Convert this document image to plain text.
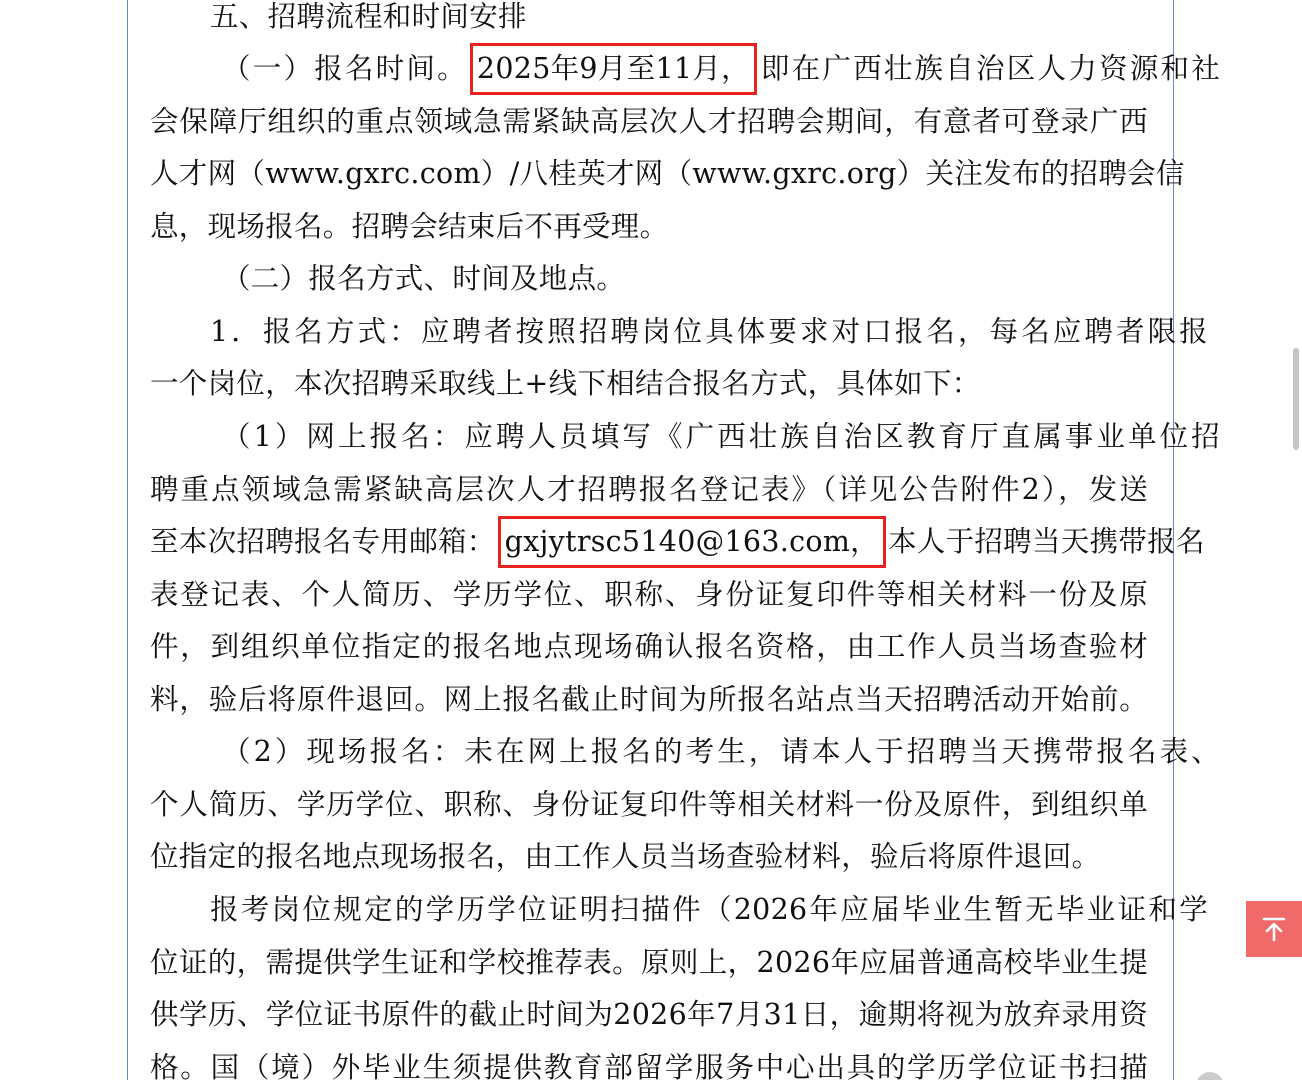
五、招聘流程和时间安排
（一）报名时间。 2025年9月至11月， 即在广西壮族自治区人力资源和社
会保障厅组织的重点领域急需紧缺高层次人才招聘会期间，有意者可登录广西
人才网（www.gxrc.com）/八桂英才网（www.gxrc.org）关注发布的招聘会信
息，现场报名。招聘会结束后不再受理。
（二）报名方式、时间及地点。
1．报名方式：应聘者按照招聘岗位具体要求对口报名，每名应聘者限报
一个岗位，本次招聘采取线上+线下相结合报名方式，具体如下：
（1）网上报名：应聘人员填写《广西壮族自治区教育厅直属事业单位招
聘重点领域急需紧缺高层次人才招聘报名登记表》（详见公告附件2），发送
至本次招聘报名专用邮箱： gxjytrsc5140@163.com， 本人于招聘当天携带报名
表登记表、个人简历、学历学位、职称、身份证复印件等相关材料一份及原
件，到组织单位指定的报名地点现场确认报名资格，由工作人员当场查验材
料，验后将原件退回。网上报名截止时间为所报名站点当天招聘活动开始前。
（2）现场报名：未在网上报名的考生，请本人于招聘当天携带报名表、
个人简历、学历学位、职称、身份证复印件等相关材料一份及原件，到组织单
位指定的报名地点现场报名，由工作人员当场查验材料，验后将原件退回。
报考岗位规定的学历学位证明扫描件（2026年应届毕业生暂无毕业证和学
位证的，需提供学生证和学校推荐表。原则上，2026年应届普通高校毕业生提
供学历、学位证书原件的截止时间为2026年7月31日，逾期将视为放弃录用资
格。国（境）外毕业生须提供教育部留学服务中心出具的学历学位证书扫描
